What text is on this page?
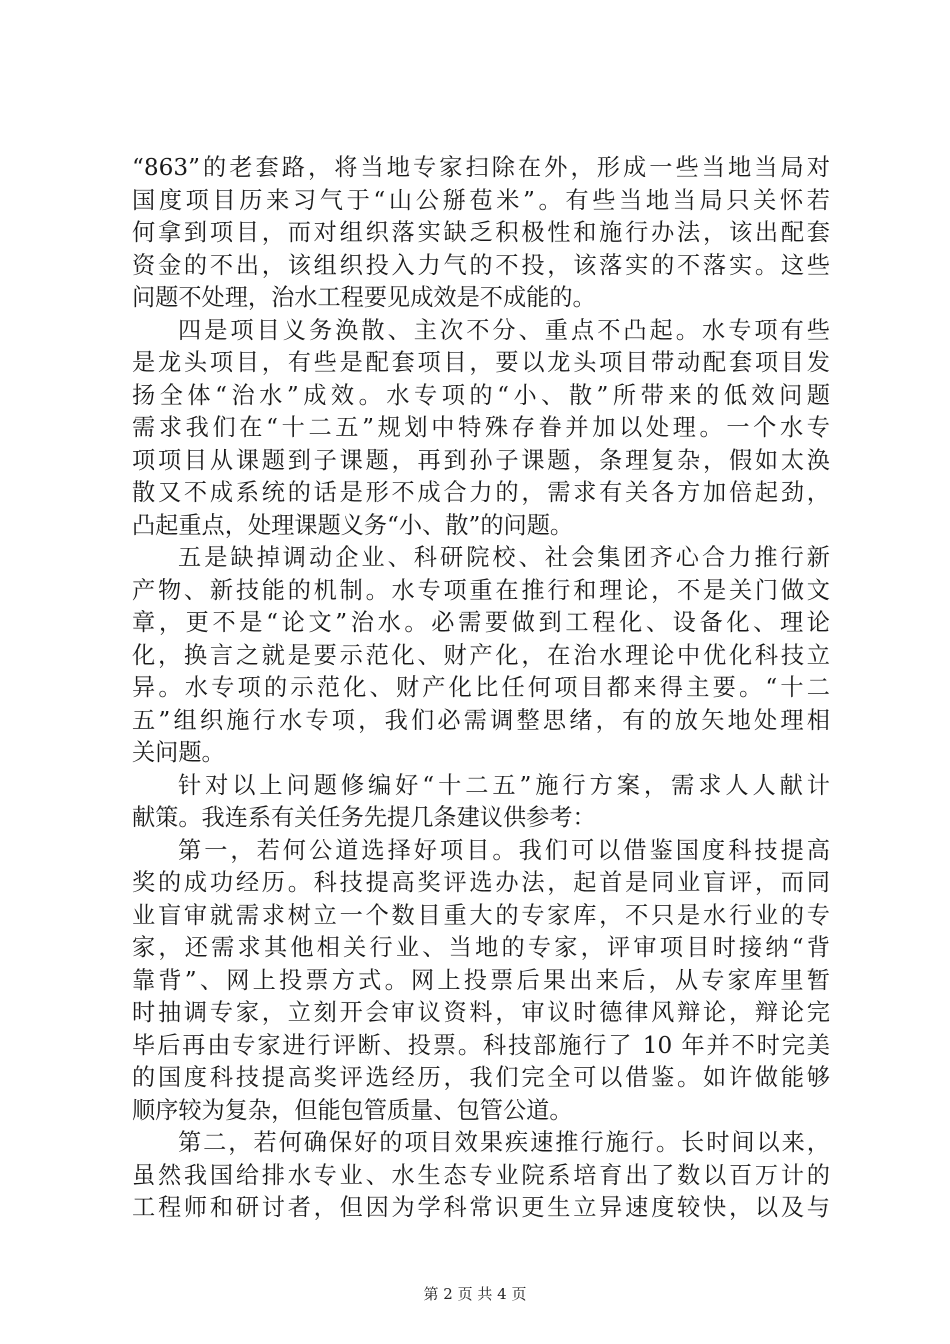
“863”的老套路，将当地专家扫除在外，形成一些当地当局对
国度项目历来习气于“山公掰苞米”。有些当地当局只关怀若
何拿到项目，而对组织落实缺乏积极性和施行办法，该出配套
资金的不出，该组织投入力气的不投，该落实的不落实。这些
问题不处理，治水工程要见成效是不成能的。
四是项目义务涣散、主次不分、重点不凸起。水专项有些
是龙头项目，有些是配套项目，要以龙头项目带动配套项目发
扬全体“治水”成效。水专项的“小、散”所带来的低效问题
需求我们在“十二五”规划中特殊存眷并加以处理。一个水专
项项目从课题到子课题，再到孙子课题，条理复杂，假如太涣
散又不成系统的话是形不成合力的，需求有关各方加倍起劲，
凸起重点，处理课题义务“小、散”的问题。
五是缺掉调动企业、科研院校、社会集团齐心合力推行新
产物、新技能的机制。水专项重在推行和理论，不是关门做文
章，更不是“论文”治水。必需要做到工程化、设备化、理论
化，换言之就是要示范化、财产化，在治水理论中优化科技立
异。水专项的示范化、财产化比任何项目都来得主要。“十二
五”组织施行水专项，我们必需调整思绪，有的放矢地处理相
关问题。
针对以上问题修编好“十二五”施行方案，需求人人献计
献策。我连系有关任务先提几条建议供参考：
第一，若何公道选择好项目。我们可以借鉴国度科技提高
奖的成功经历。科技提高奖评选办法，起首是同业盲评，而同
业盲审就需求树立一个数目重大的专家库，不只是水行业的专
家，还需求其他相关行业、当地的专家，评审项目时接纳“背
靠背”、网上投票方式。网上投票后果出来后，从专家库里暂
时抽调专家，立刻开会审议资料，审议时德律风辩论，辩论完
毕后再由专家进行评断、投票。科技部施行了 10 年并不时完美
的国度科技提高奖评选经历，我们完全可以借鉴。如许做能够
顺序较为复杂，但能包管质量、包管公道。
第二，若何确保好的项目效果疾速推行施行。长时间以来，
虽然我国给排水专业、水生态专业院系培育出了数以百万计的
工程师和研讨者，但因为学科常识更生立异速度较快，以及与
第 2 页 共 4 页
